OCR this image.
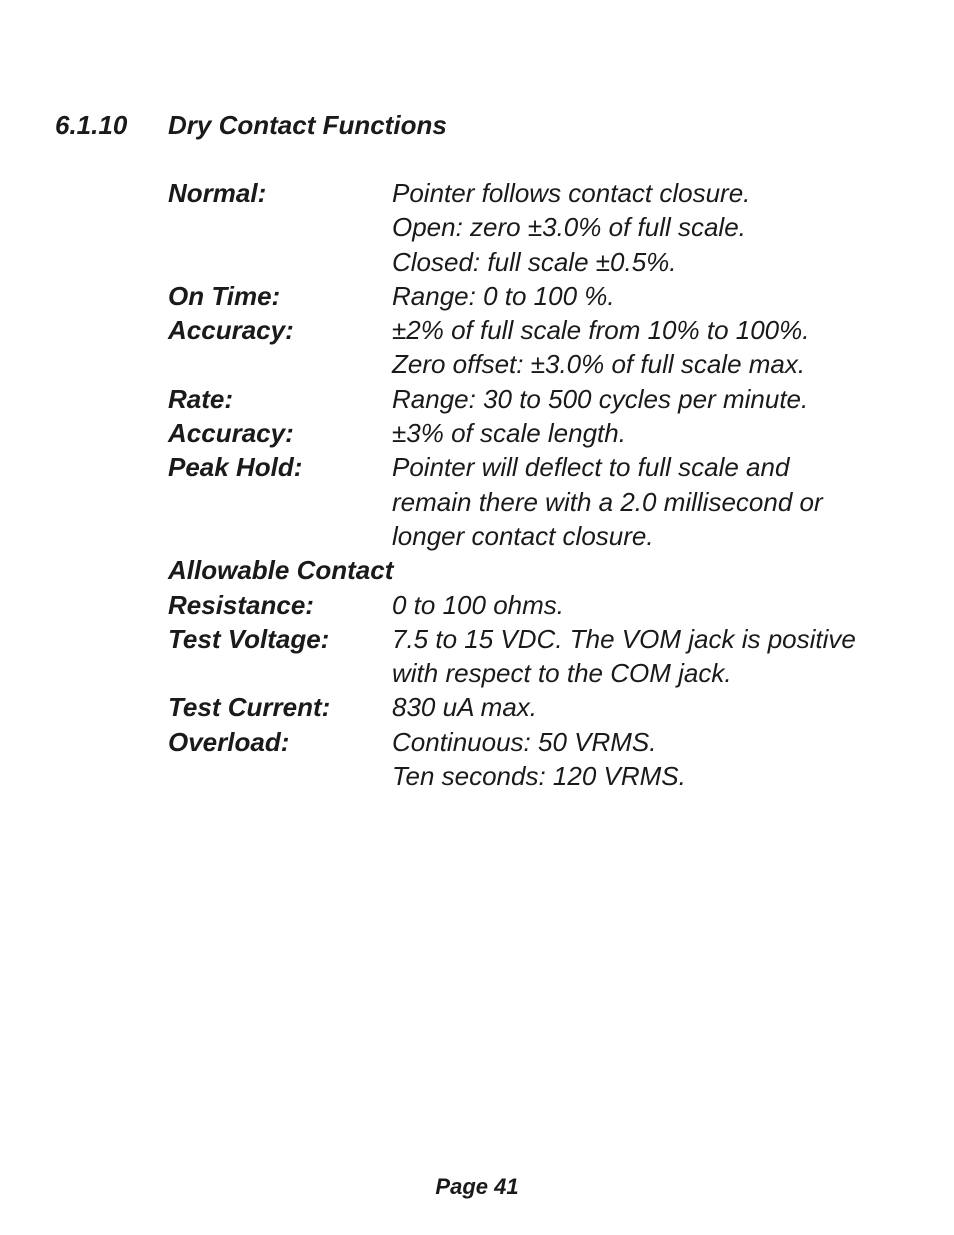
6.1.10 Dry Contact Functions
Normal:	Pointer follows contact closure.
Open: zero ±3.0% of full scale.
Closed: full scale ±0.5%.
On Time:	Range: 0 to 100 %.
Accuracy:	±2% of full scale from 10% to 100%.
Zero offset: ±3.0% of full scale max.
Rate:	Range: 30 to 500 cycles per minute.
Accuracy:	±3% of scale length.
Peak Hold:	Pointer will deflect to full scale and
remain there with a 2.0 millisecond or
longer contact closure.
Allowable Contact
Resistance:	0 to 100 ohms.
Test Voltage:	7.5 to 15 VDC. The VOM jack is positive
with respect to the COM jack.
Test Current:	830 uA max.
Overload:	Continuous: 50 VRMS.
Ten seconds: 120 VRMS.
Page 41
